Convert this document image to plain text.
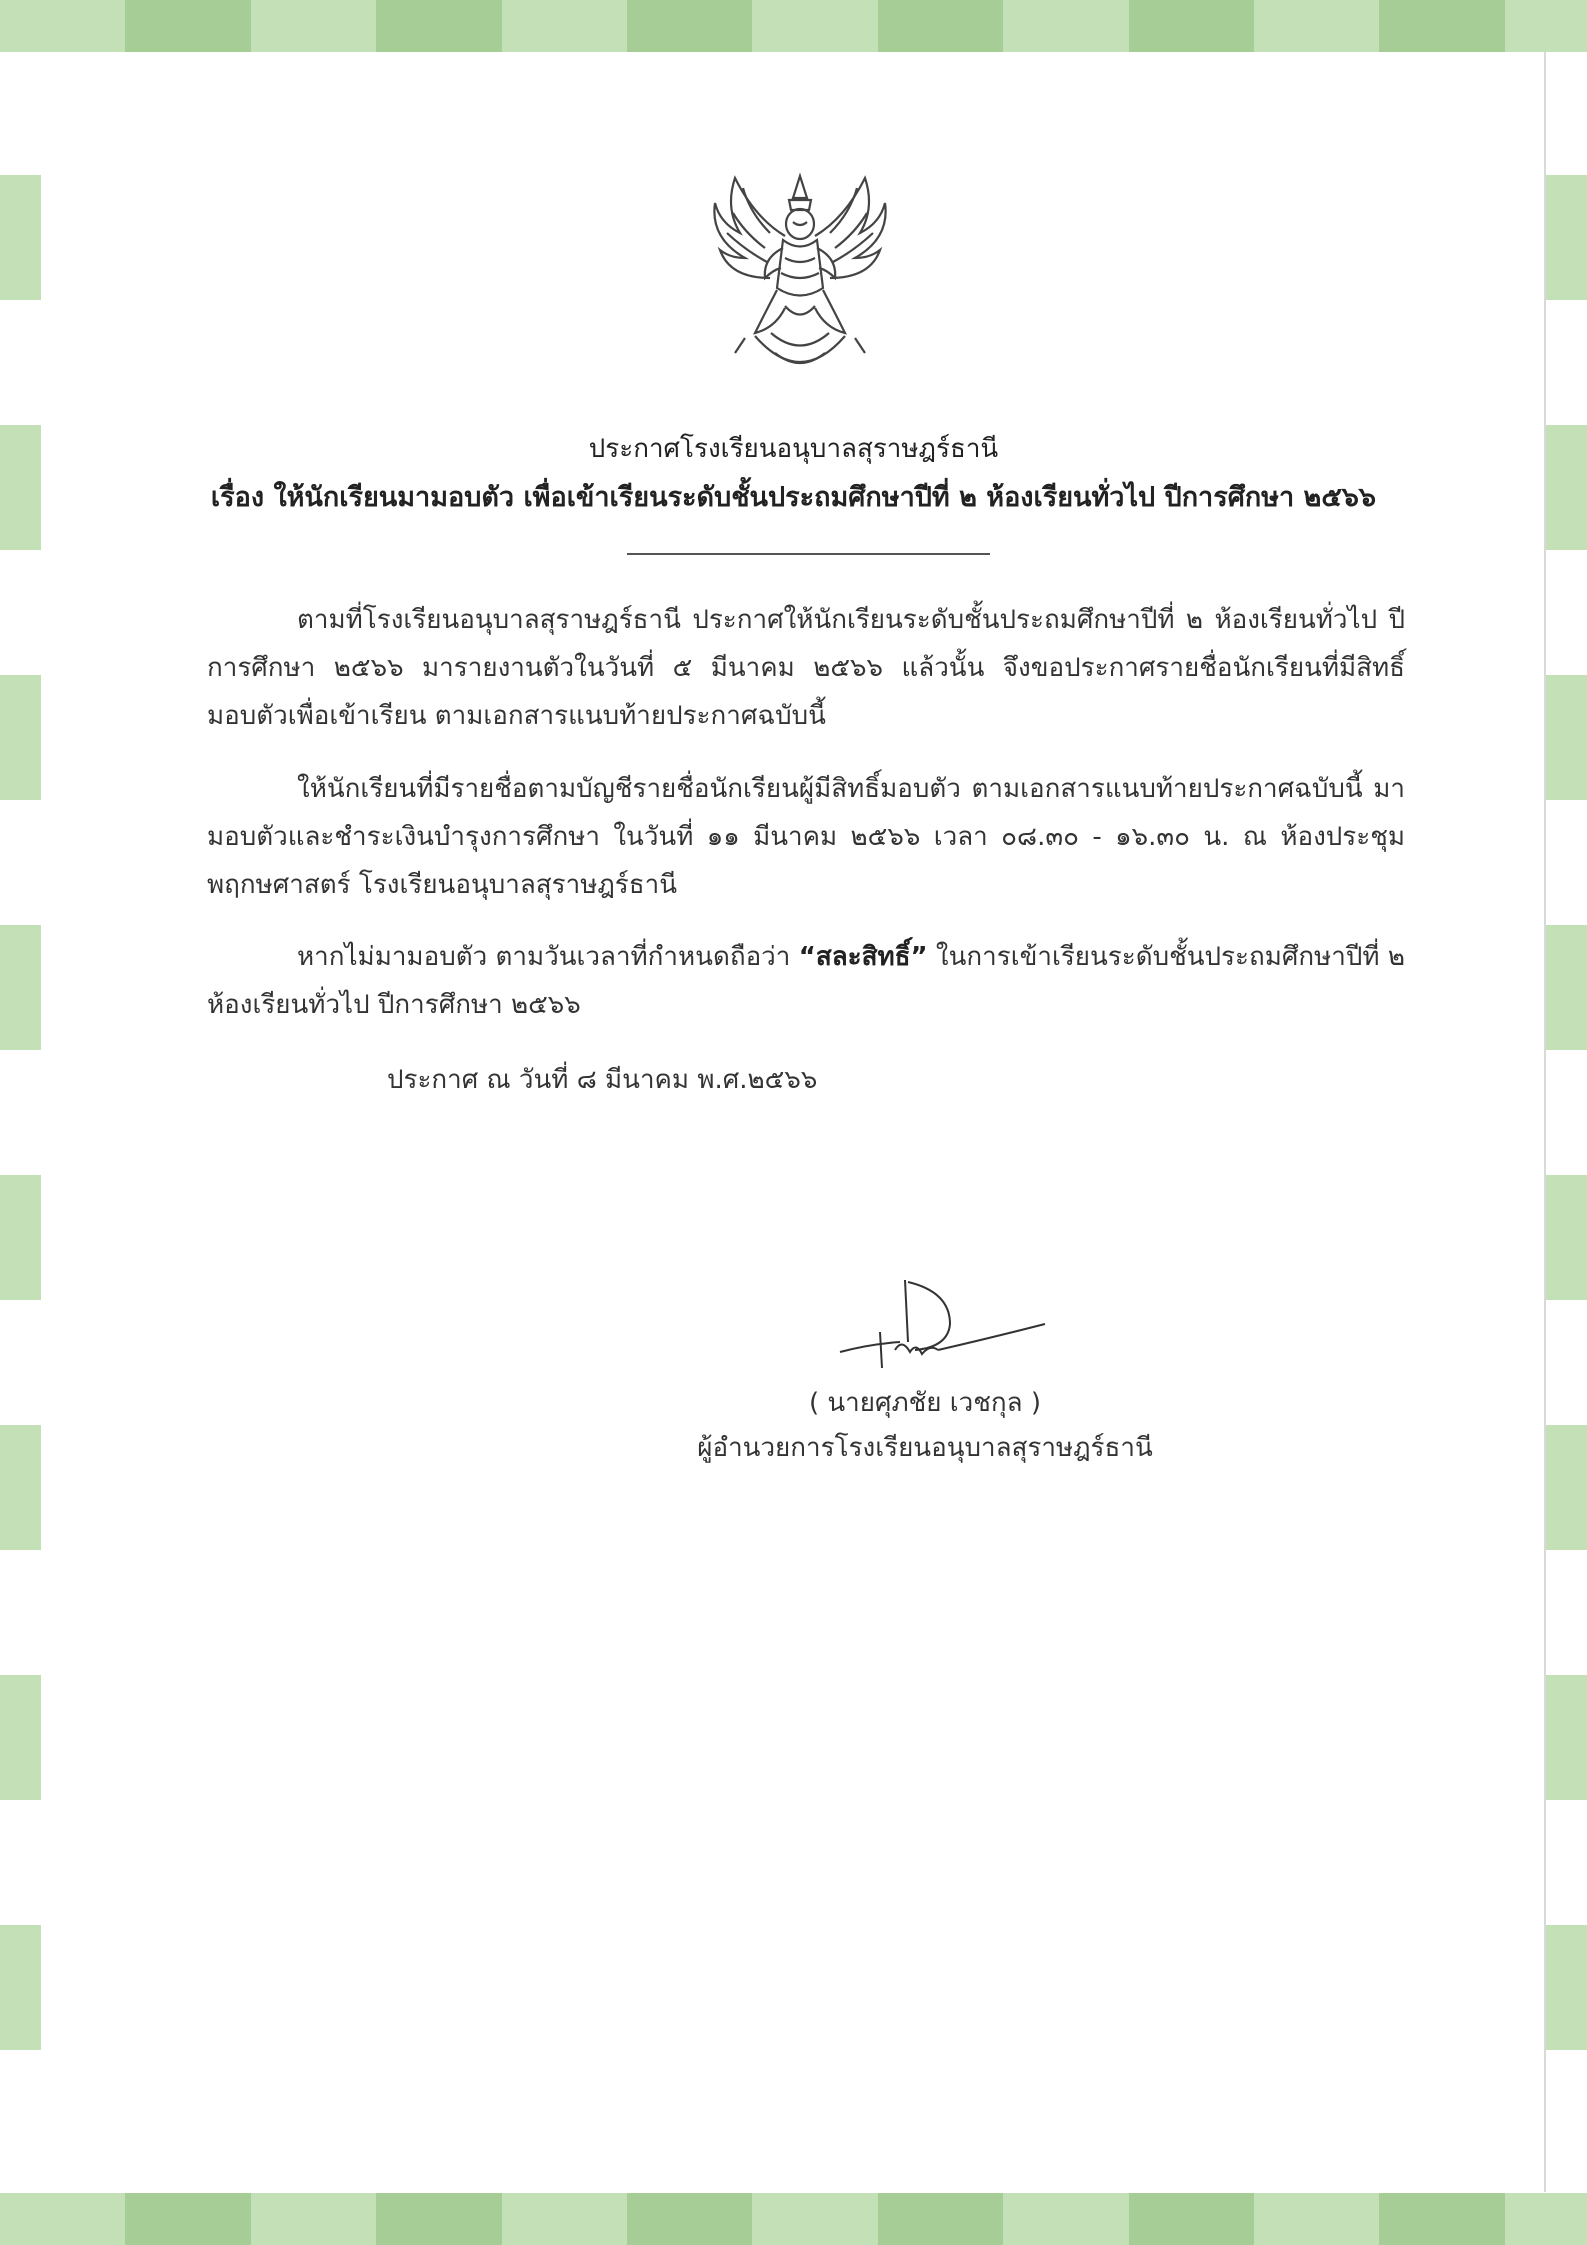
ประกาศโรงเรียนอนุบาลสุราษฎร์ธานี
เรื่อง ให้นักเรียนมามอบตัว เพื่อเข้าเรียนระดับชั้นประถมศึกษาปีที่ ๒ ห้องเรียนทั่วไป ปีการศึกษา ๒๕๖๖
ตามที่โรงเรียนอนุบาลสุราษฎร์ธานี ประกาศให้นักเรียนระดับชั้นประถมศึกษาปีที่ ๒ ห้องเรียนทั่วไป ปีการศึกษา ๒๕๖๖ มารายงานตัวในวันที่ ๕ มีนาคม ๒๕๖๖ แล้วนั้น จึงขอประกาศรายชื่อนักเรียนที่มีสิทธิ์มอบตัวเพื่อเข้าเรียน ตามเอกสารแนบท้ายประกาศฉบับนี้
ให้นักเรียนที่มีรายชื่อตามบัญชีรายชื่อนักเรียนผู้มีสิทธิ์มอบตัว ตามเอกสารแนบท้ายประกาศฉบับนี้ มามอบตัวและชำระเงินบำรุงการศึกษา ในวันที่ ๑๑ มีนาคม ๒๕๖๖ เวลา ๐๘.๓๐ - ๑๖.๓๐ น. ณ ห้องประชุมพฤกษศาสตร์ โรงเรียนอนุบาลสุราษฎร์ธานี
หากไม่มามอบตัว ตามวันเวลาที่กำหนดถือว่า “สละสิทธิ์” ในการเข้าเรียนระดับชั้นประถมศึกษาปีที่ ๒ ห้องเรียนทั่วไป ปีการศึกษา ๒๕๖๖
ประกาศ ณ วันที่ ๘ มีนาคม พ.ศ.๒๕๖๖
( นายศุภชัย เวชกุล )
ผู้อำนวยการโรงเรียนอนุบาลสุราษฎร์ธานี
